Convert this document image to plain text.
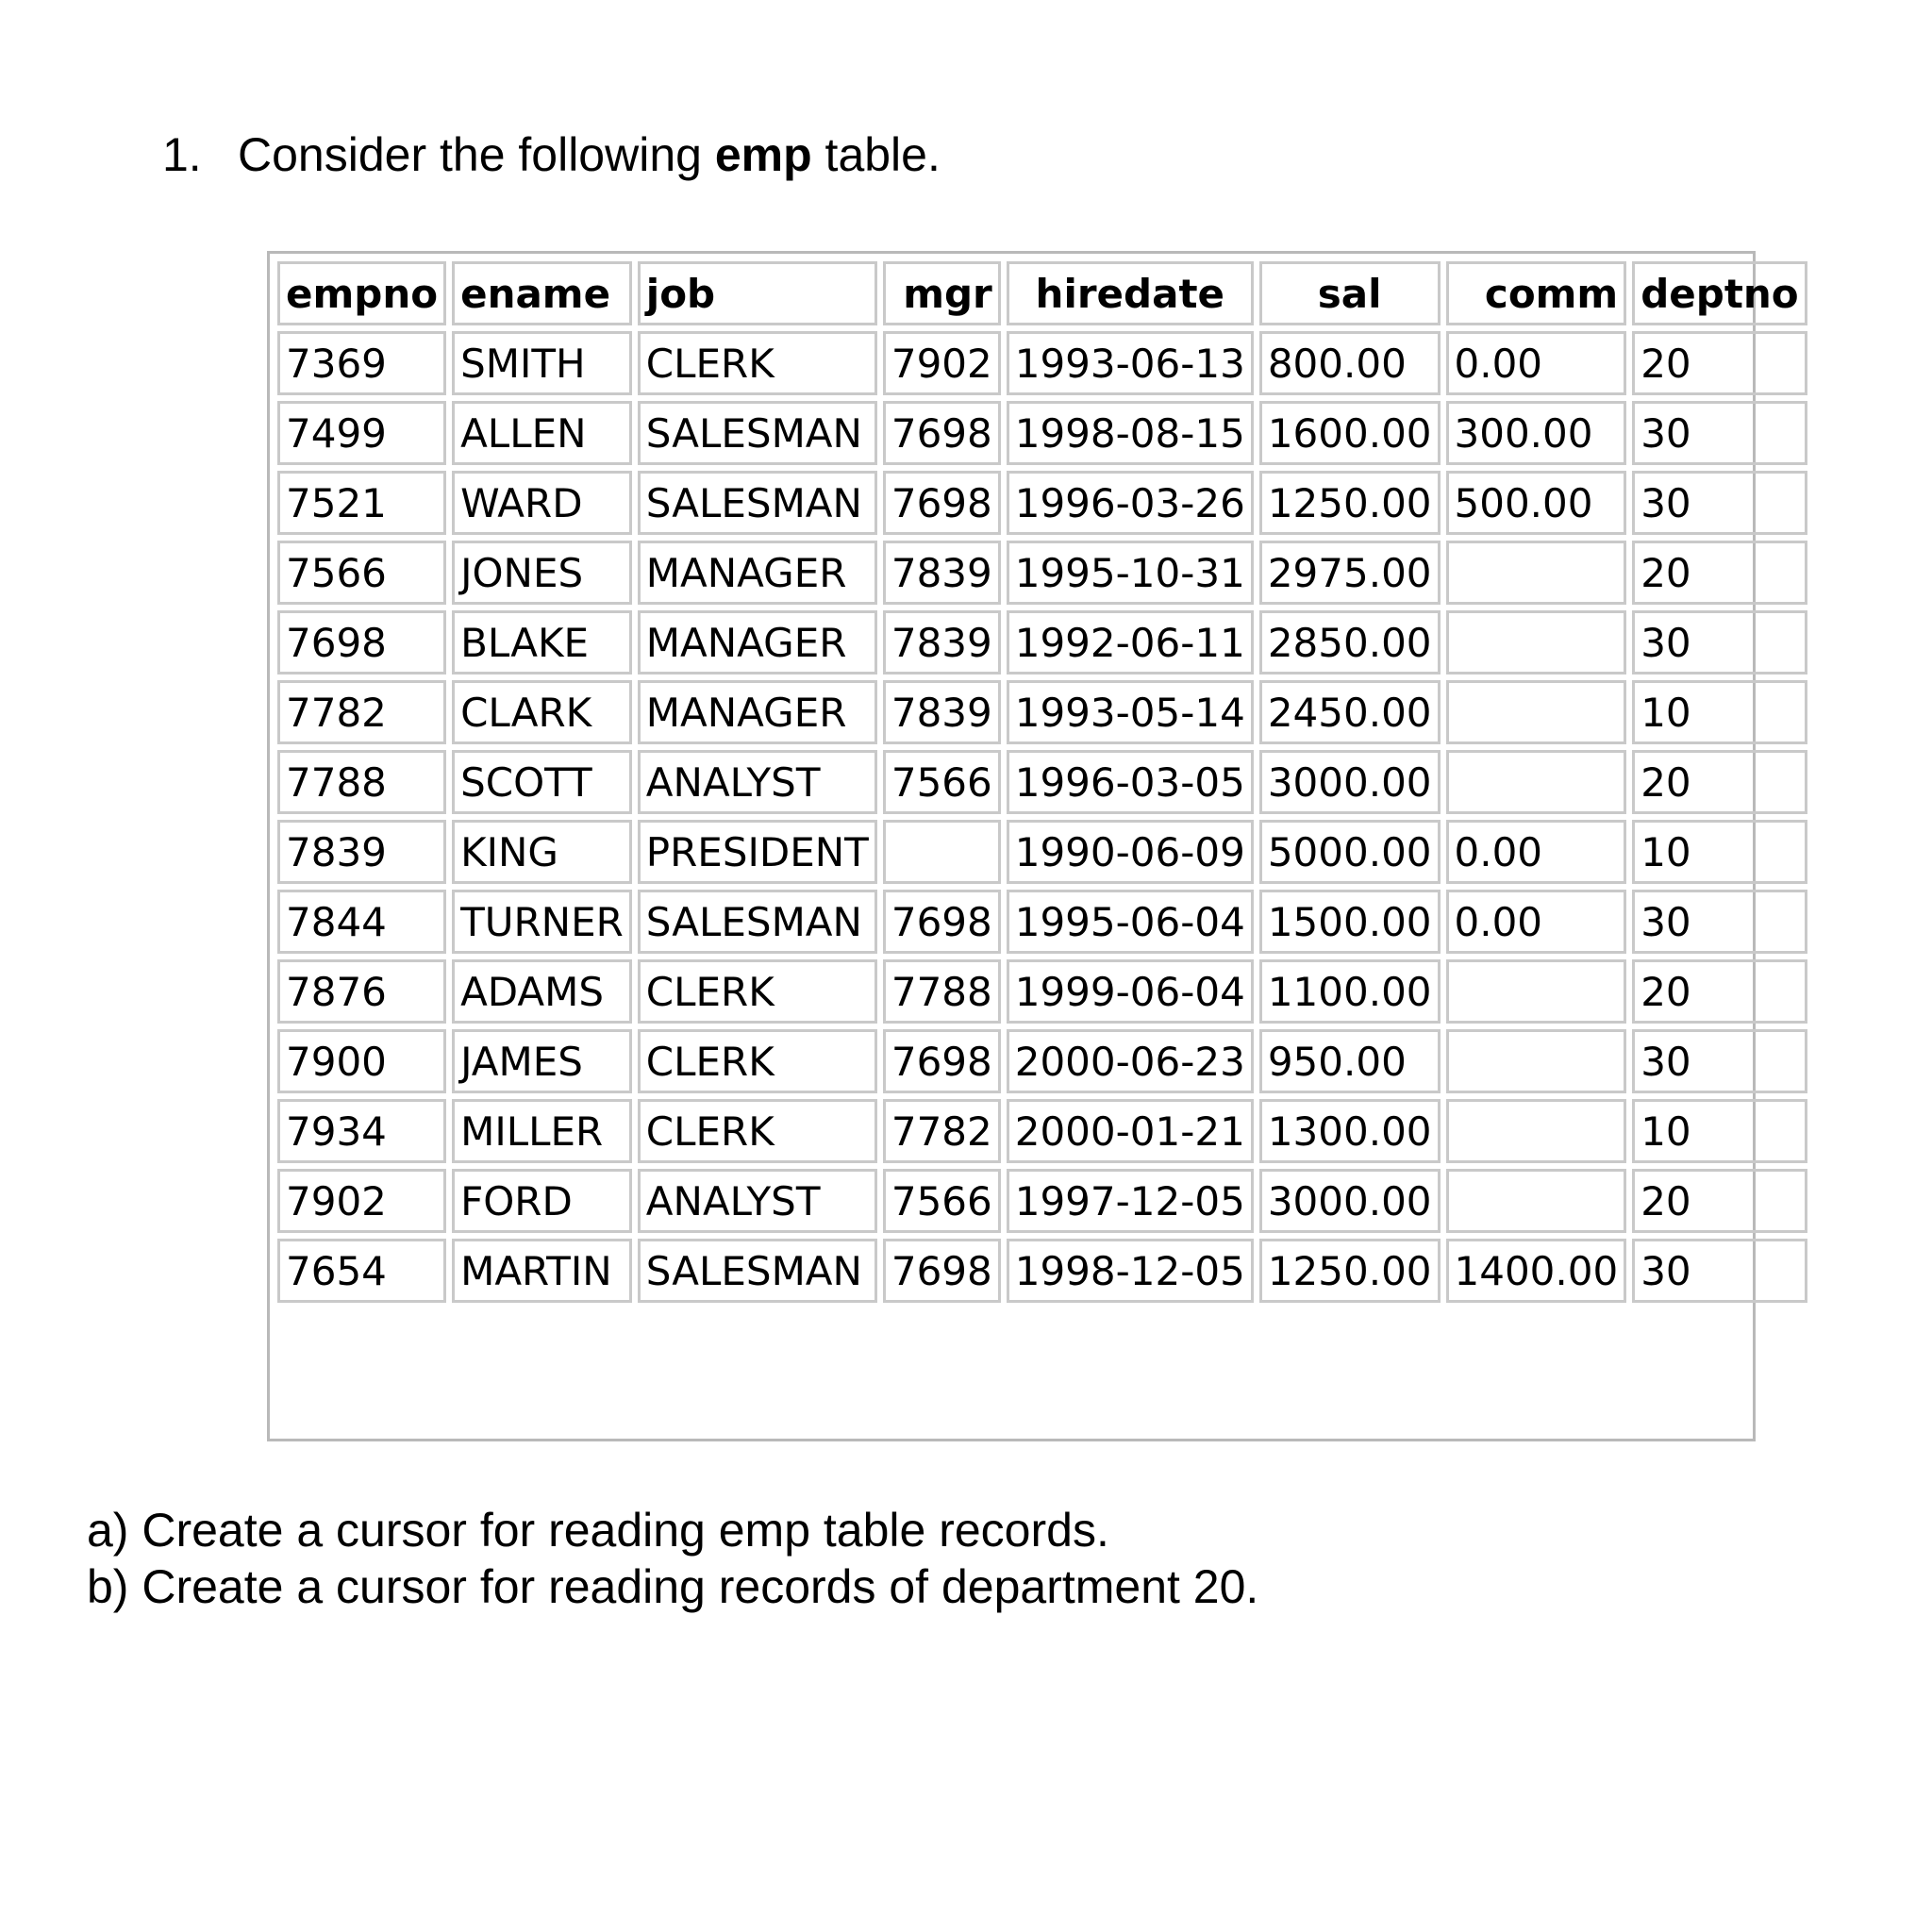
1. Consider the following emp table.
empno	ename	job	mgr	hiredate	sal	comm	deptno
7369	SMITH	CLERK	7902	1993-06-13	800.00	0.00	20
7499	ALLEN	SALESMAN	7698	1998-08-15	1600.00	300.00	30
7521	WARD	SALESMAN	7698	1996-03-26	1250.00	500.00	30
7566	JONES	MANAGER	7839	1995-10-31	2975.00		20
7698	BLAKE	MANAGER	7839	1992-06-11	2850.00		30
7782	CLARK	MANAGER	7839	1993-05-14	2450.00		10
7788	SCOTT	ANALYST	7566	1996-03-05	3000.00		20
7839	KING	PRESIDENT		1990-06-09	5000.00	0.00	10
7844	TURNER	SALESMAN	7698	1995-06-04	1500.00	0.00	30
7876	ADAMS	CLERK	7788	1999-06-04	1100.00		20
7900	JAMES	CLERK	7698	2000-06-23	950.00		30
7934	MILLER	CLERK	7782	2000-01-21	1300.00		10
7902	FORD	ANALYST	7566	1997-12-05	3000.00		20
7654	MARTIN	SALESMAN	7698	1998-12-05	1250.00	1400.00	30
a) Create a cursor for reading emp table records.
b) Create a cursor for reading records of department 20.
